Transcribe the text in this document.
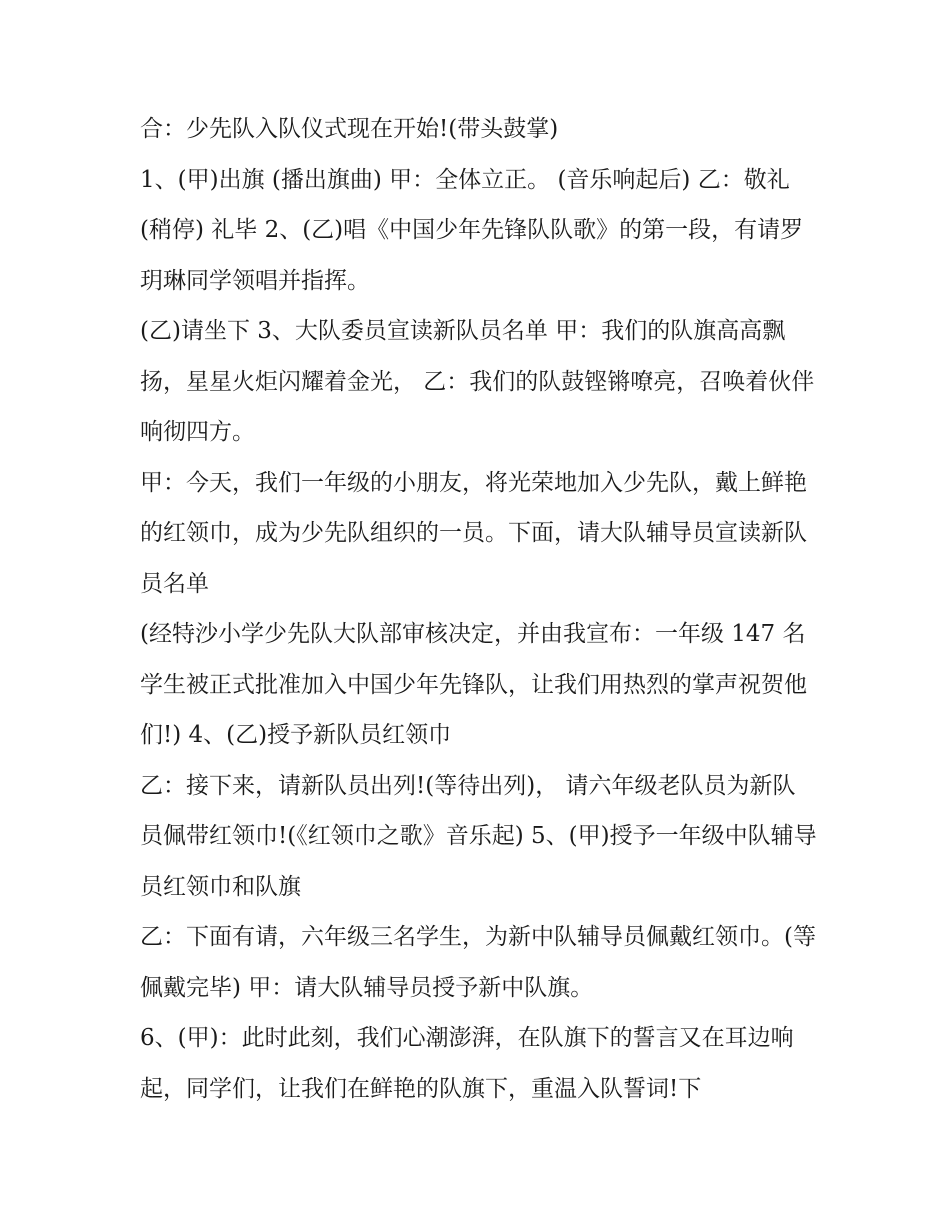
合：少先队入队仪式现在开始!(带头鼓掌)

1、(甲)出旗 (播出旗曲) 甲：全体立正。 (音乐响起后) 乙：敬礼(稍停) 礼毕 2、(乙)唱《中国少年先锋队队歌》的第一段，有请罗玥琳同学领唱并指挥。

(乙)请坐下 3、大队委员宣读新队员名单 甲：我们的队旗高高飘扬，星星火炬闪耀着金光， 乙：我们的队鼓铿锵嘹亮，召唤着伙伴响彻四方。

甲：今天，我们一年级的小朋友，将光荣地加入少先队，戴上鲜艳的红领巾，成为少先队组织的一员。下面，请大队辅导员宣读新队员名单

(经特沙小学少先队大队部审核决定，并由我宣布：一年级 147 名学生被正式批准加入中国少年先锋队，让我们用热烈的掌声祝贺他们!) 4、(乙)授予新队员红领巾

乙：接下来，请新队员出列!(等待出列)， 请六年级老队员为新队员佩带红领巾!(《红领巾之歌》音乐起) 5、(甲)授予一年级中队辅导员红领巾和队旗

乙：下面有请，六年级三名学生，为新中队辅导员佩戴红领巾。(等佩戴完毕) 甲：请大队辅导员授予新中队旗。

6、(甲)：此时此刻，我们心潮澎湃，在队旗下的誓言又在耳边响起，同学们，让我们在鲜艳的队旗下，重温入队誓词!下
